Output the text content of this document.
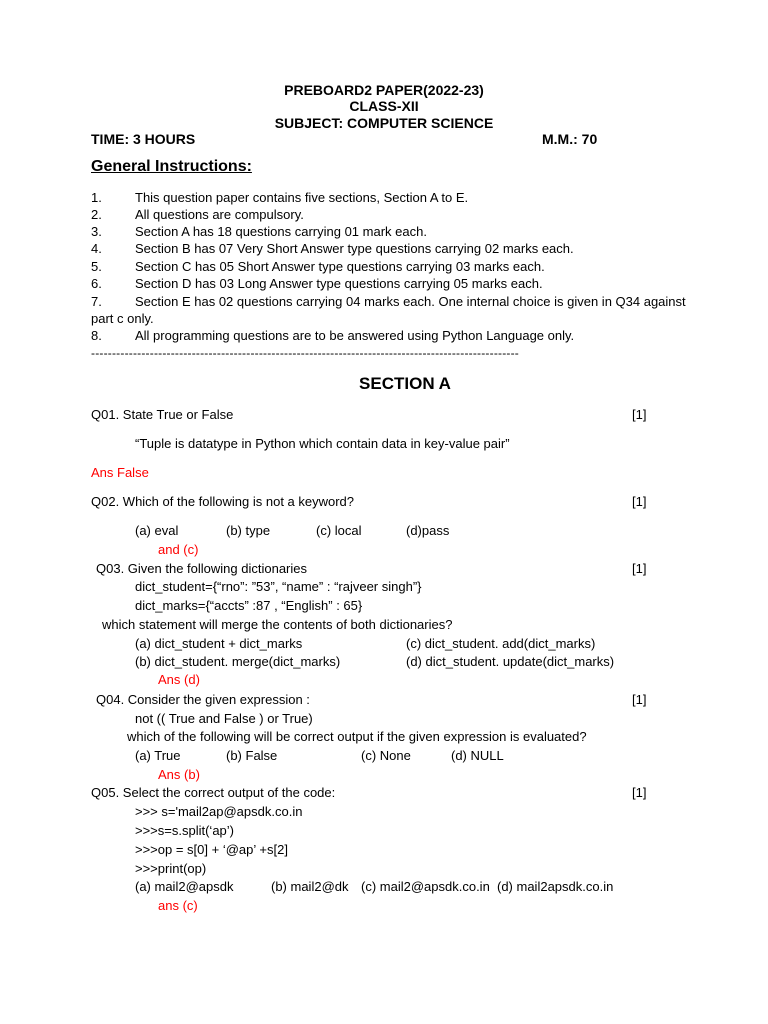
PREBOARD2 PAPER(2022-23)
CLASS-XII
SUBJECT: COMPUTER SCIENCE
TIME: 3 HOURS	M.M.: 70
General Instructions:
1.	This question paper contains five sections, Section A to E.
2.	All questions are compulsory.
3.	Section A has 18 questions carrying 01 mark each.
4.	Section B has 07 Very Short Answer type questions carrying 02 marks each.
5.	Section C has 05 Short Answer type questions carrying 03 marks each.
6.	Section D has 03 Long Answer type questions carrying 05 marks each.
7.	Section E has 02 questions carrying 04 marks each. One internal choice is given in Q34 against
part c only.
8.	All programming questions are to be answered using Python Language only.
------------------------------------------------------------------------------------------------------
SECTION A
Q01. State True or False	[1]
“Tuple is datatype in Python which contain data in key-value pair”
Ans False
Q02. Which of the following is not a keyword?	[1]
(a) eval	(b) type	(c) local	(d)pass
and (c)
Q03. Given the following dictionaries	[1]
dict_student={“rno”: ”53”, “name” : “rajveer singh”}
dict_marks={“accts” :87 , “English” : 65}
which statement will merge the contents of both dictionaries?
(a) dict_student + dict_marks	(c) dict_student. add(dict_marks)
(b) dict_student. merge(dict_marks)	(d) dict_student. update(dict_marks)
Ans (d)
Q04. Consider the given expression :	[1]
not (( True and False ) or True)
which of the following will be correct output if the given expression is evaluated?
(a) True	(b) False	(c) None	(d) NULL
Ans (b)
Q05. Select the correct output of the code:	[1]
>>> s='mail2ap@apsdk.co.in
>>>s=s.split(‘ap’)
>>>op = s[0] + ‘@ap’ +s[2]
>>>print(op)
(a) mail2@apsdk	(b) mail2@dk (c) mail2@apsdk.co.in (d) mail2apsdk.co.in
ans (c)
